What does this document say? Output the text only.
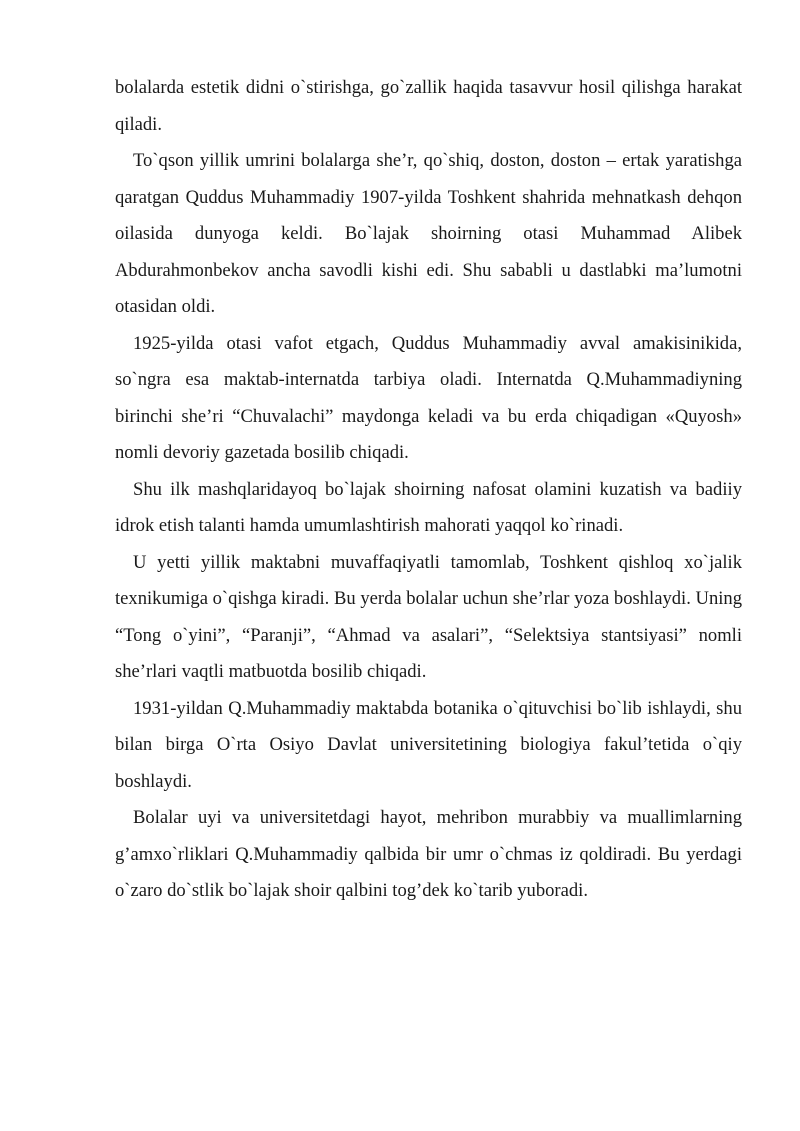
bolalarda estetik didni o`stirishga, go`zallik haqida tasavvur hosil qilishga harakat qiladi.

To`qson yillik umrini bolalarga she’r, qo`shiq, doston, doston – ertak yaratishga qaratgan Quddus Muhammadiy 1907-yilda Toshkent shahrida mehnatkash dehqon oilasida dunyoga keldi. Bo`lajak shoirning otasi Muhammad Alibek Abdurahmonbekov ancha savodli kishi edi. Shu sababli u dastlabki ma’lumotni otasidan oldi.

1925-yilda otasi vafot etgach, Quddus Muhammadiy avval amakisinikida, so`ngra esa maktab-internatda tarbiya oladi. Internatda Q.Muhammadiyning birinchi she’ri “Chuvalachi” maydonga keladi va bu erda chiqadigan «Quyosh» nomli devoriy gazetada bosilib chiqadi.

Shu ilk mashqlaridayoq bo`lajak shoirning nafosat olamini kuzatish va badiiy idrok etish talanti hamda umumlashtirish mahorati yaqqol ko`rinadi.

U yetti yillik maktabni muvaffaqiyatli tamomlab, Toshkent qishloq xo`jalik texnikumiga o`qishga kiradi. Bu yerda bolalar uchun she’rlar yoza boshlaydi. Uning “Tong o`yini”, “Paranji”, “Ahmad va asalari”, “Selektsiya stantsiyasi” nomli she’rlari vaqtli matbuotda bosilib chiqadi.

1931-yildan Q.Muhammadiy maktabda botanika o`qituvchisi bo`lib ishlaydi, shu bilan birga O`rta Osiyo Davlat universitetining biologiya fakul’tetida o`qiy boshlaydi.

Bolalar uyi va universitetdagi hayot, mehribon murabbiy va muallimlarning g’amxo`rliklari Q.Muhammadiy qalbida bir umr o`chmas iz qoldiradi. Bu yerdagi o`zaro do`stlik bo`lajak shoir qalbini tog’dek ko`tarib yuboradi.
